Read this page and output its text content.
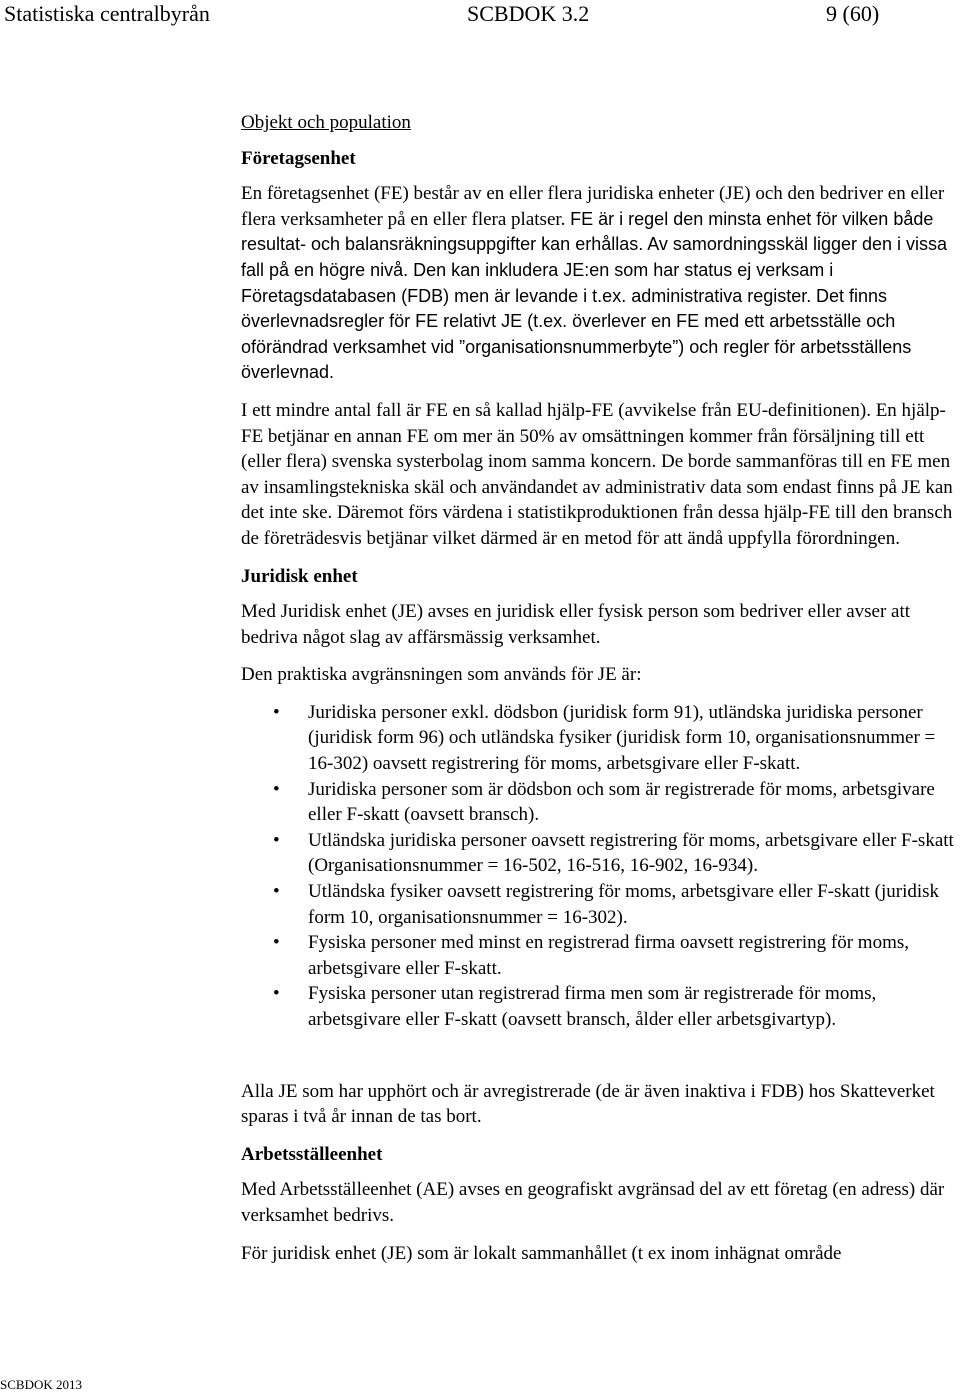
Statistiska centralbyrån	SCBDOK 3.2	9 (60)

Objekt och population

Företagsenhet

En företagsenhet (FE) består av en eller flera juridiska enheter (JE) och den bedriver en eller flera verksamheter på en eller flera platser. FE är i regel den minsta enhet för vilken både resultat- och balansräkningsuppgifter kan erhållas. Av samordningsskäl ligger den i vissa fall på en högre nivå. Den kan inkludera JE:en som har status ej verksam i Företagsdatabasen (FDB) men är levande i t.ex. administrativa register. Det finns överlevnadsregler för FE relativt JE (t.ex. överlever en FE med ett arbetsställe och oförändrad verksamhet vid ”organisationsnummerbyte”) och regler för arbetsställens överlevnad.

I ett mindre antal fall är FE en så kallad hjälp-FE (avvikelse från EU-definitionen). En hjälp-FE betjänar en annan FE om mer än 50% av omsättningen kommer från försäljning till ett (eller flera) svenska systerbolag inom samma koncern. De borde sammanföras till en FE men av insamlingstekniska skäl och användandet av administrativ data som endast finns på JE kan det inte ske. Däremot förs värdena i statistikproduktionen från dessa hjälp-FE till den bransch de företrädesvis betjänar vilket därmed är en metod för att ändå uppfylla förordningen.

Juridisk enhet

Med Juridisk enhet (JE) avses en juridisk eller fysisk person som bedriver eller avser att bedriva något slag av affärsmässig verksamhet.

Den praktiska avgränsningen som används för JE är:

• Juridiska personer exkl. dödsbon (juridisk form 91), utländska juridiska personer (juridisk form 96) och utländska fysiker (juridisk form 10, organisationsnummer = 16-302) oavsett registrering för moms, arbetsgivare eller F-skatt.
• Juridiska personer som är dödsbon och som är registrerade för moms, arbetsgivare eller F-skatt (oavsett bransch).
• Utländska juridiska personer oavsett registrering för moms, arbetsgivare eller F-skatt (Organisationsnummer = 16-502, 16-516, 16-902, 16-934).
• Utländska fysiker oavsett registrering för moms, arbetsgivare eller F-skatt (juridisk form 10, organisationsnummer = 16-302).
• Fysiska personer med minst en registrerad firma oavsett registrering för moms, arbetsgivare eller F-skatt.
• Fysiska personer utan registrerad firma men som är registrerade för moms, arbetsgivare eller F-skatt (oavsett bransch, ålder eller arbetsgivartyp).

Alla JE som har upphört och är avregistrerade (de är även inaktiva i FDB) hos Skatteverket sparas i två år innan de tas bort.

Arbetsställeenhet

Med Arbetsställeenhet (AE) avses en geografiskt avgränsad del av ett företag (en adress) där verksamhet bedrivs.

För juridisk enhet (JE) som är lokalt sammanhållet (t ex inom inhägnat område

SCBDOK 2013
